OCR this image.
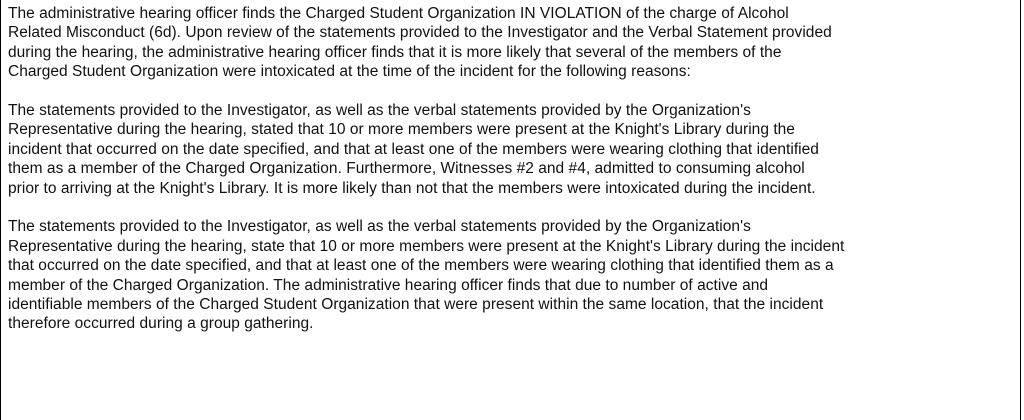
The administrative hearing officer finds the Charged Student Organization IN VIOLATION of the charge of Alcohol
Related Misconduct (6d). Upon review of the statements provided to the Investigator and the Verbal Statement provided
during the hearing, the administrative hearing officer finds that it is more likely that several of the members of the
Charged Student Organization were intoxicated at the time of the incident for the following reasons:

The statements provided to the Investigator, as well as the verbal statements provided by the Organization's
Representative during the hearing, stated that 10 or more members were present at the Knight's Library during the
incident that occurred on the date specified, and that at least one of the members were wearing clothing that identified
them as a member of the Charged Organization. Furthermore, Witnesses #2 and #4, admitted to consuming alcohol
prior to arriving at the Knight's Library. It is more likely than not that the members were intoxicated during the incident.

The statements provided to the Investigator, as well as the verbal statements provided by the Organization's
Representative during the hearing, state that 10 or more members were present at the Knight's Library during the incident
that occurred on the date specified, and that at least one of the members were wearing clothing that identified them as a
member of the Charged Organization. The administrative hearing officer finds that due to number of active and
identifiable members of the Charged Student Organization that were present within the same location, that the incident
therefore occurred during a group gathering.
